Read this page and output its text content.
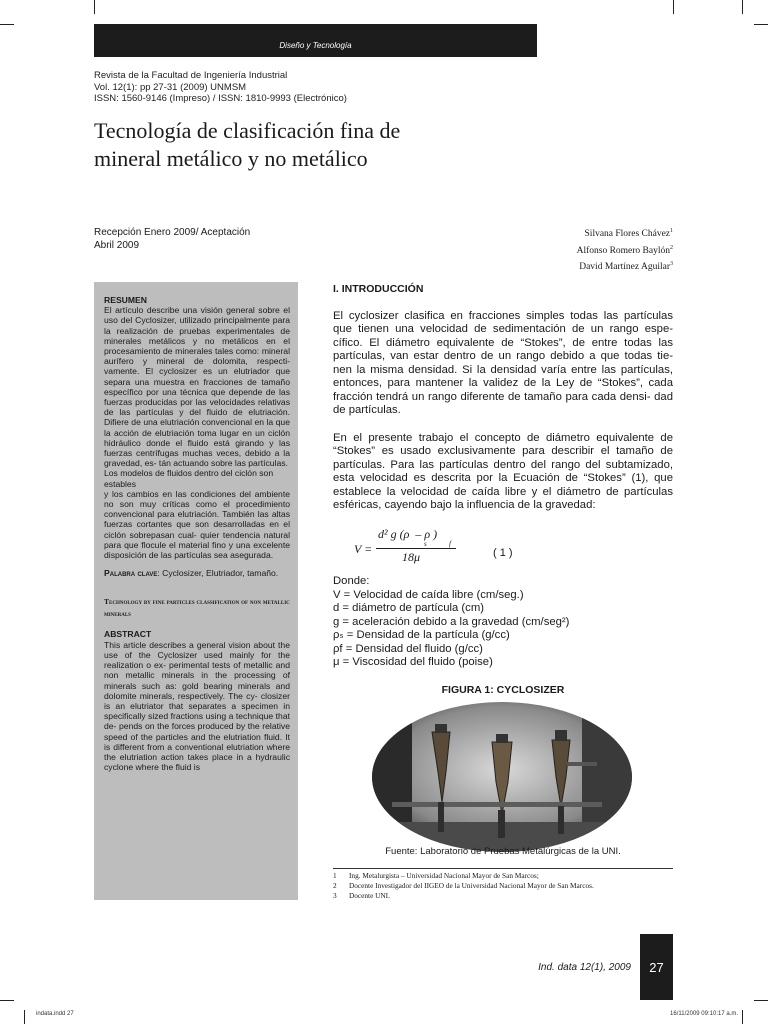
Diseño y Tecnología
Revista de la Facultad de Ingeniería Industrial
Vol. 12(1): pp 27-31 (2009) UNMSM
ISSN: 1560-9146 (Impreso) / ISSN: 1810-9993 (Electrónico)
Tecnología de clasificación fina de
mineral metálico y no metálico
Recepción Enero 2009/ Aceptación
Abril 2009
Silvana Flores Chávez$^1$
Alfonso Romero Baylón$^2$
David Martínez Aguilar$^3$
RESUMEN
El artículo describe una visión general sobre el uso del Cyclosizer, utilizado principalmente para la realización de pruebas experimentales de minerales metálicos y no metálicos en el procesamiento de minerales tales como: mineral aurífero y mineral de dolomita, respecti- vamente. El cyclosizer es un elutriador que separa una muestra en fracciones de tamaño específico por una técnica que depende de las fuerzas producidas por las velocidades relativas de las partículas y del fluido de elutriación. Difiere de una elutriación convencional en la que la acción de elutriación toma lugar en un ciclón hidráulico donde el fluido está girando y las fuerzas centrífugas muchas veces, debido a la gravedad, es- tán actuando sobre las partículas.
Los modelos de fluidos dentro del ciclón son estables
y los cambios en las condiciones del ambiente no son muy críticas como el procedimiento convencional para elutriación. También las altas fuerzas cortantes que son desarrolladas en el ciclón sobrepasan cual- quier tendencia natural para que flocule el material fino y una excelente disposición de las partículas sea asegurada.
Palabra clave: Cyclosizer, Elutriador, tamaño.
Technology by fine particles classification of non metallic minerals
ABSTRACT
This article describes a general vision about the use of the Cyclosizer used mainly for the realization o ex- perimental tests of metallic and non metallic minerals in the processing of minerals such as: gold bearing minerals and dolomite minerals, respectively. The cy- closizer is an elutriator that separates a specimen in specifically sized fractions using a technique that de- pends on the forces produced by the relative speed of the particles and the elutriation fluid. It is different from a conventional elutriation where the elutriation action takes place in a hydraulic cyclone where the fluid is
I. INTRODUCCIÓN

El cyclosizer clasifica en fracciones simples todas las partículas que tienen una velocidad de sedimentación de un rango espe- cífico. El diámetro equivalente de “Stokes”, de entre todas las partículas, van estar dentro de un rango debido a que todas tie- nen la misma densidad. Si la densidad varía entre las partículas, entonces, para mantener la validez de la Ley de “Stokes”, cada fracción tendrá un rango diferente de tamaño para cada densi- dad de partículas.

En el presente trabajo el concepto de diámetro equivalente de “Stokes” es usado exclusivamente para describir el tamaño de partículas. Para las partículas dentro del rango del subtamizado, esta velocidad es descrita por la Ecuación de “Stokes” (1), que establece la velocidad de caída libre y el diámetro de partículas esféricas, cayendo bajo la influencia de la gravedad:

V =
d² g (ρ  – ρ )
s	f
18μ	( 1 )
Donde:
V = Velocidad de caída libre (cm/seg.)
d = diámetro de partícula (cm)
g = aceleración debido a la gravedad (cm/seg²)
ρₛ = Densidad de la partícula (g/cc)
ρf = Densidad del fluido (g/cc)
μ = Viscosidad del fluido (poise)
FIGURA 1: CYCLOSIZER
Fuente: Laboratorio de Pruebas Metalúrgicas de la UNI.
1 Ing. Metalurgista – Universidad Nacional Mayor de San Marcos;
2 Docente Investigador del IIGEO de la Universidad Nacional Mayor de San Marcos.
3 Docente UNI.
Ind. data 12(1), 2009	27
indata.indd 27	16/11/2009 09:10:17 a.m.
